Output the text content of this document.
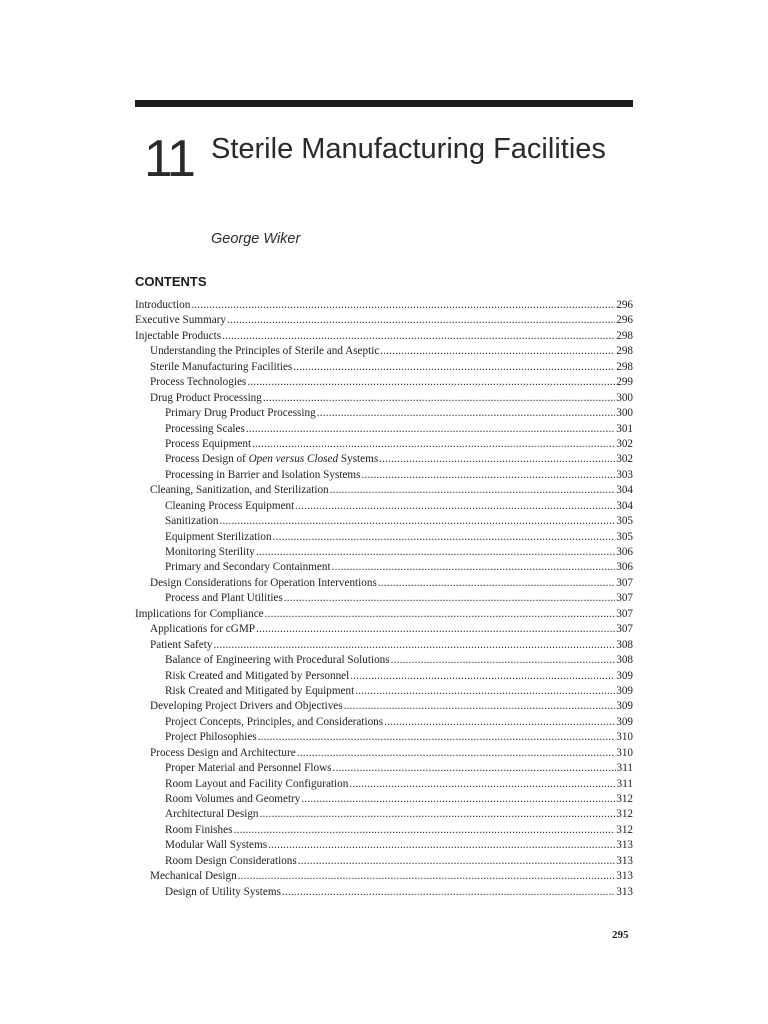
11 Sterile Manufacturing Facilities
George Wiker
CONTENTS
Introduction .....	296
Executive Summary .....	296
Injectable Products .....	298
Understanding the Principles of Sterile and Aseptic .....	298
Sterile Manufacturing Facilities .....	298
Process Technologies .....	299
Drug Product Processing .....	300
Primary Drug Product Processing .....	300
Processing Scales .....	301
Process Equipment .....	302
Process Design of Open versus Closed Systems .....	302
Processing in Barrier and Isolation Systems .....	303
Cleaning, Sanitization, and Sterilization .....	304
Cleaning Process Equipment .....	304
Sanitization .....	305
Equipment Sterilization .....	305
Monitoring Sterility .....	306
Primary and Secondary Containment .....	306
Design Considerations for Operation Interventions .....	307
Process and Plant Utilities .....	307
Implications for Compliance .....	307
Applications for cGMP .....	307
Patient Safety .....	308
Balance of Engineering with Procedural Solutions .....	308
Risk Created and Mitigated by Personnel .....	309
Risk Created and Mitigated by Equipment .....	309
Developing Project Drivers and Objectives .....	309
Project Concepts, Principles, and Considerations .....	309
Project Philosophies .....	310
Process Design and Architecture .....	310
Proper Material and Personnel Flows .....	311
Room Layout and Facility Configuration .....	311
Room Volumes and Geometry .....	312
Architectural Design .....	312
Room Finishes .....	312
Modular Wall Systems .....	313
Room Design Considerations .....	313
Mechanical Design .....	313
Design of Utility Systems .....	313
295
